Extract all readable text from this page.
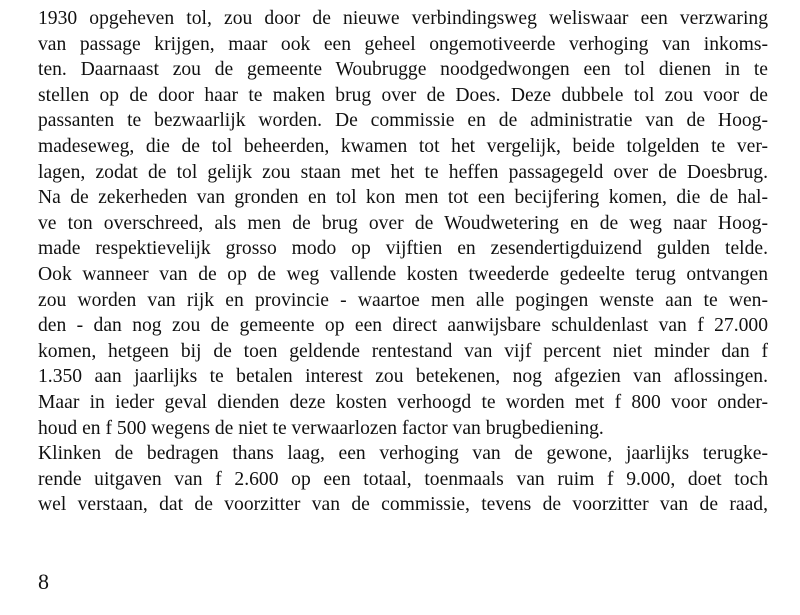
1930 opgeheven tol, zou door de nieuwe verbindingsweg weliswaar een verzwaring
van passage krijgen, maar ook een geheel ongemotiveerde verhoging van inkoms-
ten. Daarnaast zou de gemeente Woubrugge noodgedwongen een tol dienen in te
stellen op de door haar te maken brug over de Does. Deze dubbele tol zou voor de
passanten te bezwaarlijk worden. De commissie en de administratie van de Hoog-
madeseweg, die de tol beheerden, kwamen tot het vergelijk, beide tolgelden te ver-
lagen, zodat de tol gelijk zou staan met het te heffen passagegeld over de Doesbrug.
Na de zekerheden van gronden en tol kon men tot een becijfering komen, die de hal-
ve ton overschreed, als men de brug over de Woudwetering en de weg naar Hoog-
made respektievelijk grosso modo op vijftien en zesendertigduizend gulden telde.
Ook wanneer van de op de weg vallende kosten tweederde gedeelte terug ontvangen
zou worden van rijk en provincie - waartoe men alle pogingen wenste aan te wen-
den - dan nog zou de gemeente op een direct aanwijsbare schuldenlast van f 27.000
komen, hetgeen bij de toen geldende rentestand van vijf percent niet minder dan f
1.350 aan jaarlijks te betalen interest zou betekenen, nog afgezien van aflossingen.
Maar in ieder geval dienden deze kosten verhoogd te worden met f 800 voor onder-
houd en f 500 wegens de niet te verwaarlozen factor van brugbediening.
Klinken de bedragen thans laag, een verhoging van de gewone, jaarlijks terugke-
rende uitgaven van f 2.600 op een totaal, toenmaals van ruim f 9.000, doet toch
wel verstaan, dat de voorzitter van de commissie, tevens de voorzitter van de raad,
8
